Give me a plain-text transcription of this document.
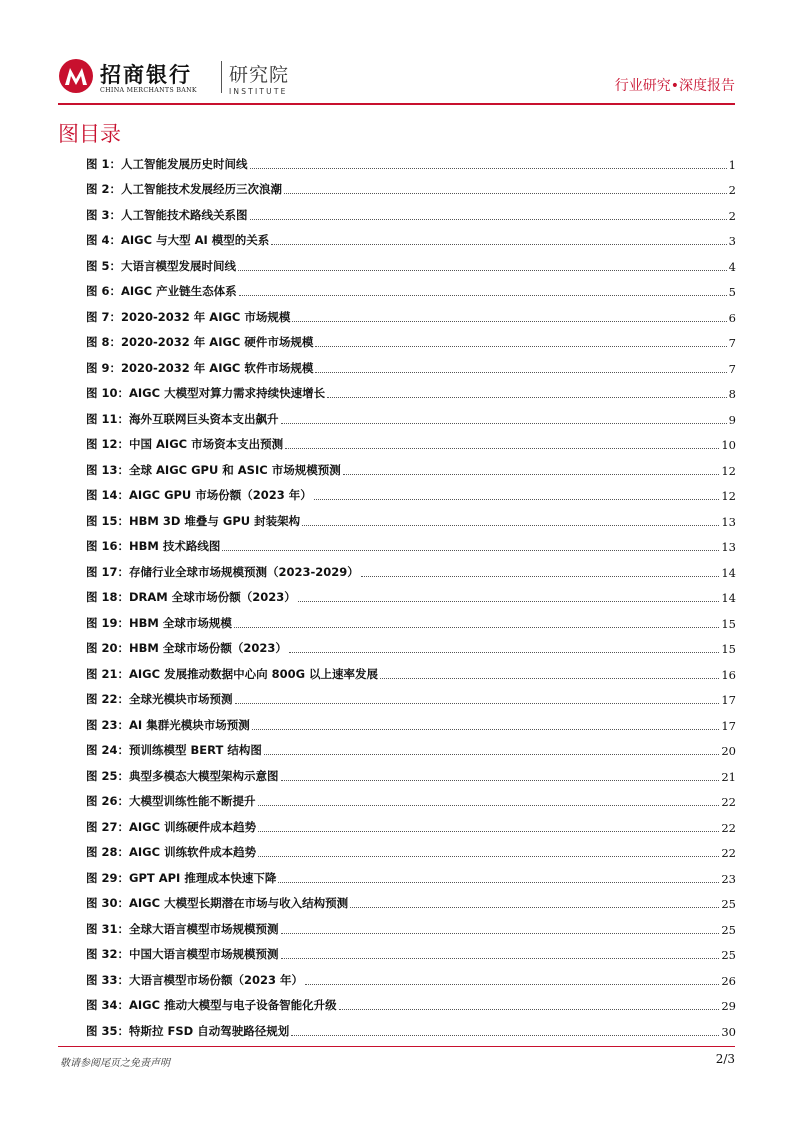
招商银行
CHINA MERCHANTS BANK
研究院
INSTITUTE	行业研究•深度报告
图目录
图 1：人工智能发展历史时间线	1
图 2：人工智能技术发展经历三次浪潮	2
图 3：人工智能技术路线关系图	2
图 4：AIGC 与大型 AI 模型的关系	3
图 5：大语言模型发展时间线	4
图 6：AIGC 产业链生态体系	5
图 7：2020-2032 年 AIGC 市场规模	6
图 8：2020-2032 年 AIGC 硬件市场规模	7
图 9：2020-2032 年 AIGC 软件市场规模	7
图 10：AIGC 大模型对算力需求持续快速增长	8
图 11：海外互联网巨头资本支出飙升	9
图 12：中国 AIGC 市场资本支出预测	10
图 13：全球 AIGC GPU 和 ASIC 市场规模预测	12
图 14：AIGC GPU 市场份额（2023 年）	12
图 15：HBM 3D 堆叠与 GPU 封装架构	13
图 16：HBM 技术路线图	13
图 17：存储行业全球市场规模预测（2023-2029）	14
图 18：DRAM 全球市场份额（2023）	14
图 19：HBM 全球市场规模	15
图 20：HBM 全球市场份额（2023）	15
图 21：AIGC 发展推动数据中心向 800G 以上速率发展	16
图 22：全球光模块市场预测	17
图 23：AI 集群光模块市场预测	17
图 24：预训练模型 BERT 结构图	20
图 25：典型多模态大模型架构示意图	21
图 26：大模型训练性能不断提升	22
图 27：AIGC 训练硬件成本趋势	22
图 28：AIGC 训练软件成本趋势	22
图 29：GPT API 推理成本快速下降	23
图 30：AIGC 大模型长期潜在市场与收入结构预测	25
图 31：全球大语言模型市场规模预测	25
图 32：中国大语言模型市场规模预测	25
图 33：大语言模型市场份额（2023 年）	26
图 34：AIGC 推动大模型与电子设备智能化升级	29
图 35：特斯拉 FSD 自动驾驶路径规划	30
敬请参阅尾页之免责声明	2/3
